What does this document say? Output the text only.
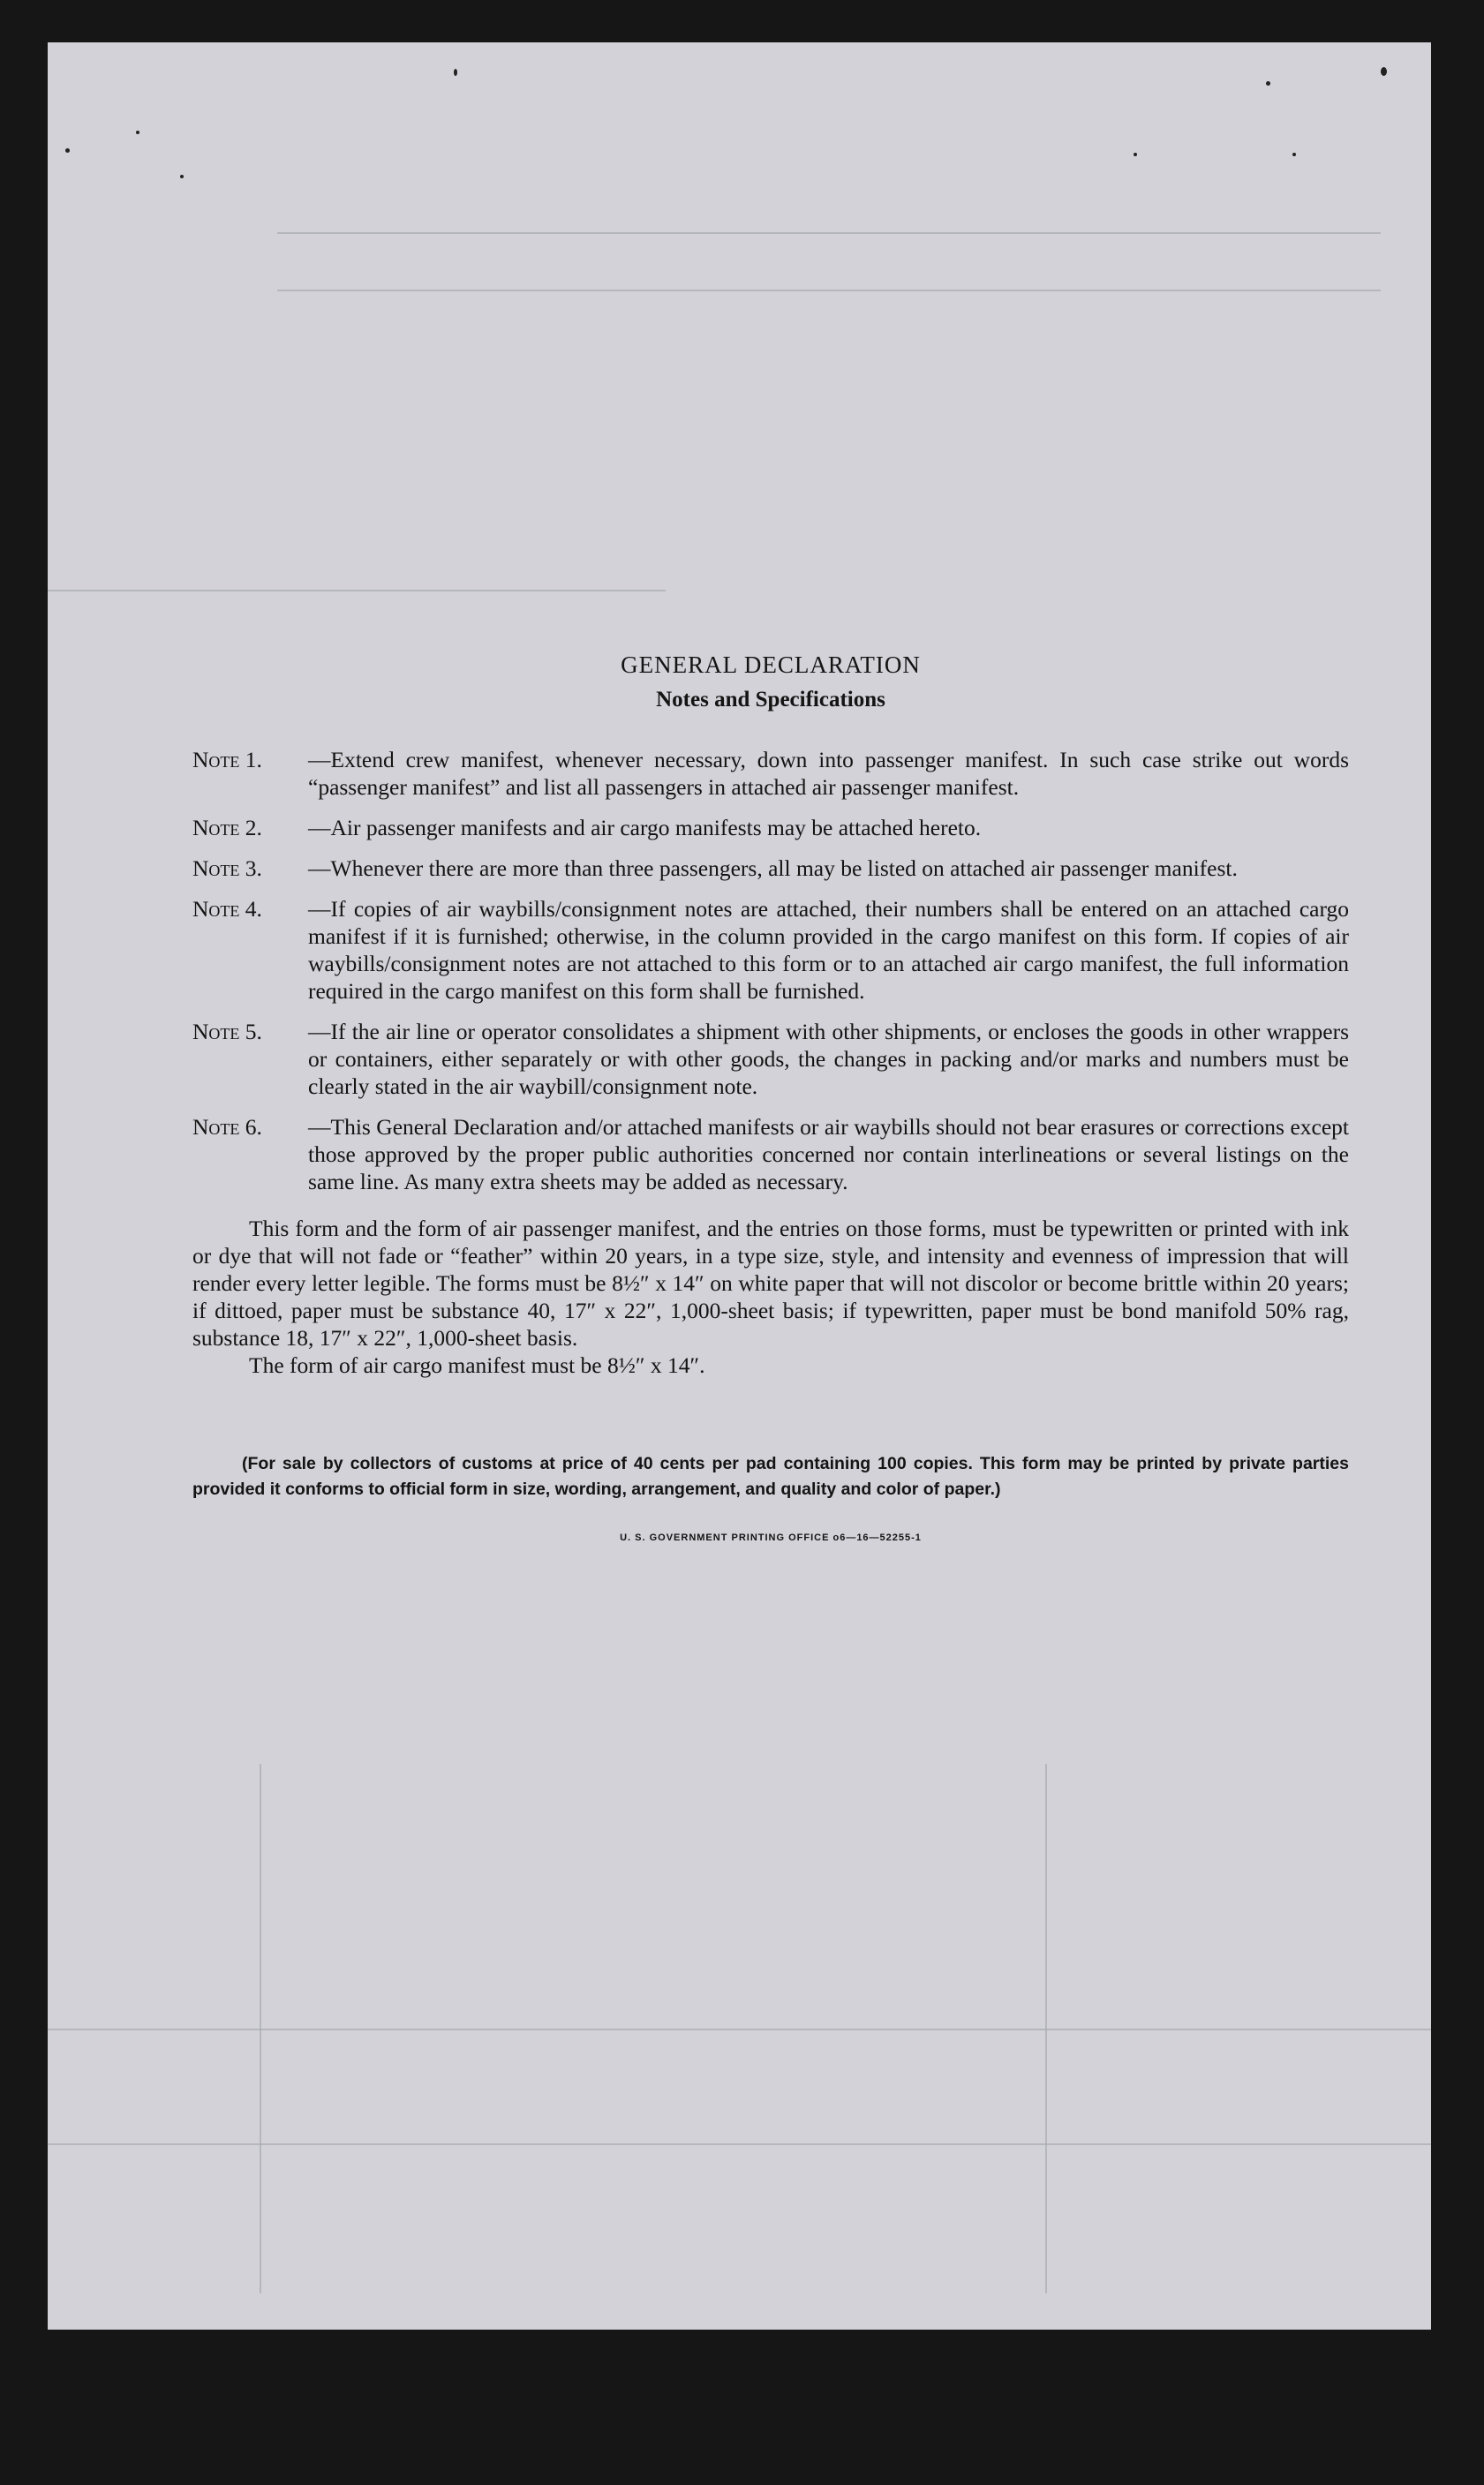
GENERAL DECLARATION
Notes and Specifications
Note 1.	—Extend crew manifest, whenever necessary, down into passenger manifest. In such case strike out words “passenger manifest” and list all passengers in attached air passenger manifest.
Note 2.	—Air passenger manifests and air cargo manifests may be attached hereto.
Note 3.	—Whenever there are more than three passengers, all may be listed on attached air passenger manifest.
Note 4.	—If copies of air waybills/consignment notes are attached, their numbers shall be entered on an attached cargo manifest if it is furnished; otherwise, in the column provided in the cargo manifest on this form. If copies of air waybills/consignment notes are not attached to this form or to an attached air cargo manifest, the full information required in the cargo manifest on this form shall be furnished.
Note 5.	—If the air line or operator consolidates a shipment with other shipments, or encloses the goods in other wrappers or containers, either separately or with other goods, the changes in packing and/or marks and numbers must be clearly stated in the air waybill/consignment note.
Note 6.	—This General Declaration and/or attached manifests or air waybills should not bear erasures or corrections except those approved by the proper public authorities concerned nor contain interlineations or several listings on the same line. As many extra sheets may be added as necessary.

This form and the form of air passenger manifest, and the entries on those forms, must be typewritten or printed with ink or dye that will not fade or “feather” within 20 years, in a type size, style, and intensity and evenness of impression that will render every letter legible. The forms must be 8½″ x 14″ on white paper that will not discolor or become brittle within 20 years; if dittoed, paper must be substance 40, 17″ x 22″, 1,000-sheet basis; if typewritten, paper must be bond manifold 50% rag, substance 18, 17″ x 22″, 1,000-sheet basis.

The form of air cargo manifest must be 8½″ x 14″.

(For sale by collectors of customs at price of 40 cents per pad containing 100 copies. This form may be printed by private parties provided it conforms to official form in size, wording, arrangement, and quality and color of paper.)

U. S. GOVERNMENT PRINTING OFFICE o6—16—52255-1
